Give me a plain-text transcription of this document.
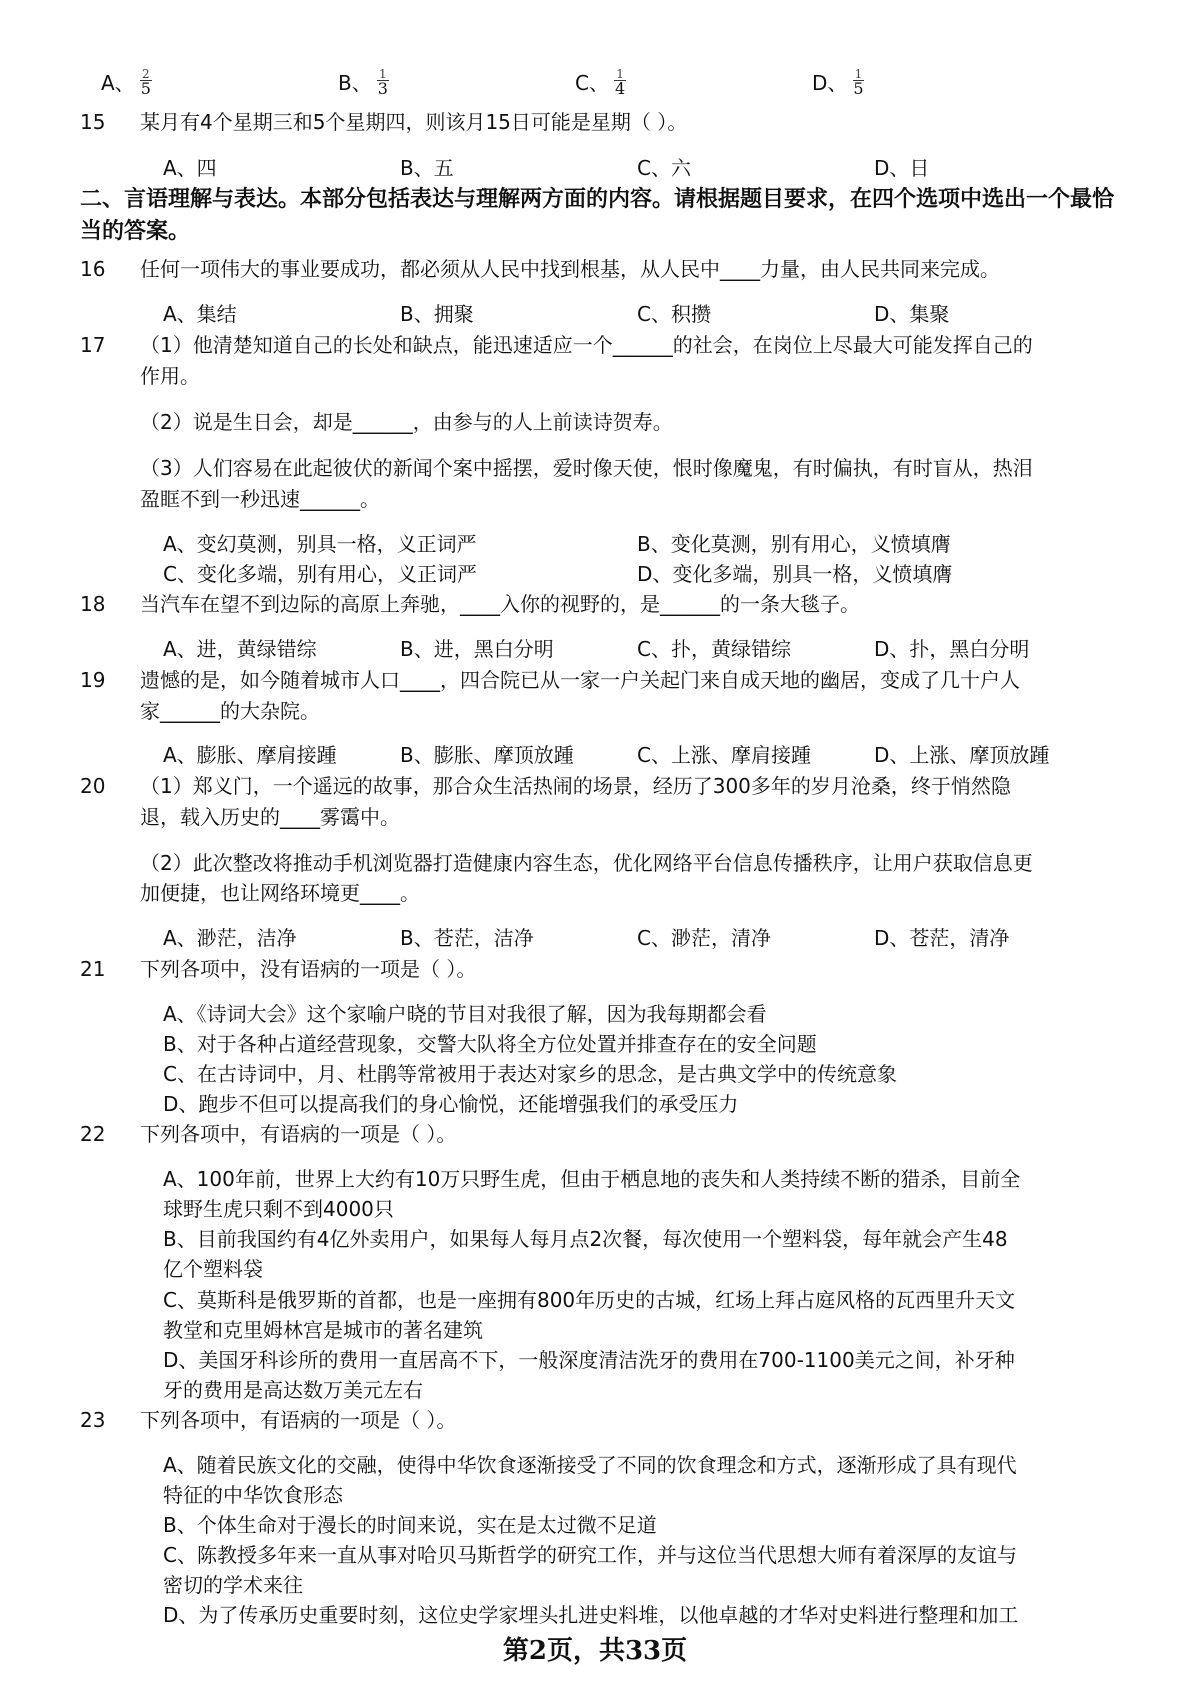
A、 $\frac{2}{5}$	B、 $\frac{1}{3}$	C、 $\frac{1}{4}$	D、 $\frac{1}{5}$
15 某月有4个星期三和5个星期四，则该月15日可能是星期（ ）。
A、四	B、五	C、六	D、日
二、言语理解与表达。本部分包括表达与理解两方面的内容。请根据题目要求，在四个选项中选出一个最恰当的答案。
16 任何一项伟大的事业要成功，都必须从人民中找到根基，从人民中____力量，由人民共同来完成。
A、集结	B、拥聚	C、积攒	D、集聚
17 （1）他清楚知道自己的长处和缺点，能迅速适应一个______的社会，在岗位上尽最大可能发挥自己的
作用。
（2）说是生日会，却是______，由参与的人上前读诗贺寿。
（3）人们容易在此起彼伏的新闻个案中摇摆，爱时像天使，恨时像魔鬼，有时偏执，有时盲从，热泪
盈眶不到一秒迅速______。
A、变幻莫测，别具一格，义正词严	B、变化莫测，别有用心，义愤填膺
C、变化多端，别有用心，义正词严	D、变化多端，别具一格，义愤填膺
18 当汽车在望不到边际的高原上奔驰，____入你的视野的，是______的一条大毯子。
A、进，黄绿错综	B、进，黑白分明	C、扑，黄绿错综	D、扑，黑白分明
19 遗憾的是，如今随着城市人口____，四合院已从一家一户关起门来自成天地的幽居，变成了几十户人
家______的大杂院。
A、膨胀、摩肩接踵	B、膨胀、摩顶放踵	C、上涨、摩肩接踵	D、上涨、摩顶放踵
20 （1）郑义门，一个遥远的故事，那合众生活热闹的场景，经历了300多年的岁月沧桑，终于悄然隐
退，载入历史的____雾霭中。
（2）此次整改将推动手机浏览器打造健康内容生态，优化网络平台信息传播秩序，让用户获取信息更
加便捷，也让网络环境更____。
A、渺茫，洁净	B、苍茫，洁净	C、渺茫，清净	D、苍茫，清净
21 下列各项中，没有语病的一项是（ ）。
A、《诗词大会》这个家喻户晓的节目对我很了解，因为我每期都会看
B、对于各种占道经营现象，交警大队将全方位处置并排查存在的安全问题
C、在古诗词中，月、杜鹃等常被用于表达对家乡的思念，是古典文学中的传统意象
D、跑步不但可以提高我们的身心愉悦，还能增强我们的承受压力
22 下列各项中，有语病的一项是（ ）。
A、100年前，世界上大约有10万只野生虎，但由于栖息地的丧失和人类持续不断的猎杀，目前全
球野生虎只剩不到4000只
B、目前我国约有4亿外卖用户，如果每人每月点2次餐，每次使用一个塑料袋，每年就会产生48
亿个塑料袋
C、莫斯科是俄罗斯的首都，也是一座拥有800年历史的古城，红场上拜占庭风格的瓦西里升天文
教堂和克里姆林宫是城市的著名建筑
D、美国牙科诊所的费用一直居高不下，一般深度清洁洗牙的费用在700-1100美元之间，补牙种
牙的费用是高达数万美元左右
23 下列各项中，有语病的一项是（ ）。
A、随着民族文化的交融，使得中华饮食逐渐接受了不同的饮食理念和方式，逐渐形成了具有现代
特征的中华饮食形态
B、个体生命对于漫长的时间来说，实在是太过微不足道
C、陈教授多年来一直从事对哈贝马斯哲学的研究工作，并与这位当代思想大师有着深厚的友谊与
密切的学术来往
D、为了传承历史重要时刻，这位史学家埋头扎进史料堆，以他卓越的才华对史料进行整理和加工
第2页，共33页
